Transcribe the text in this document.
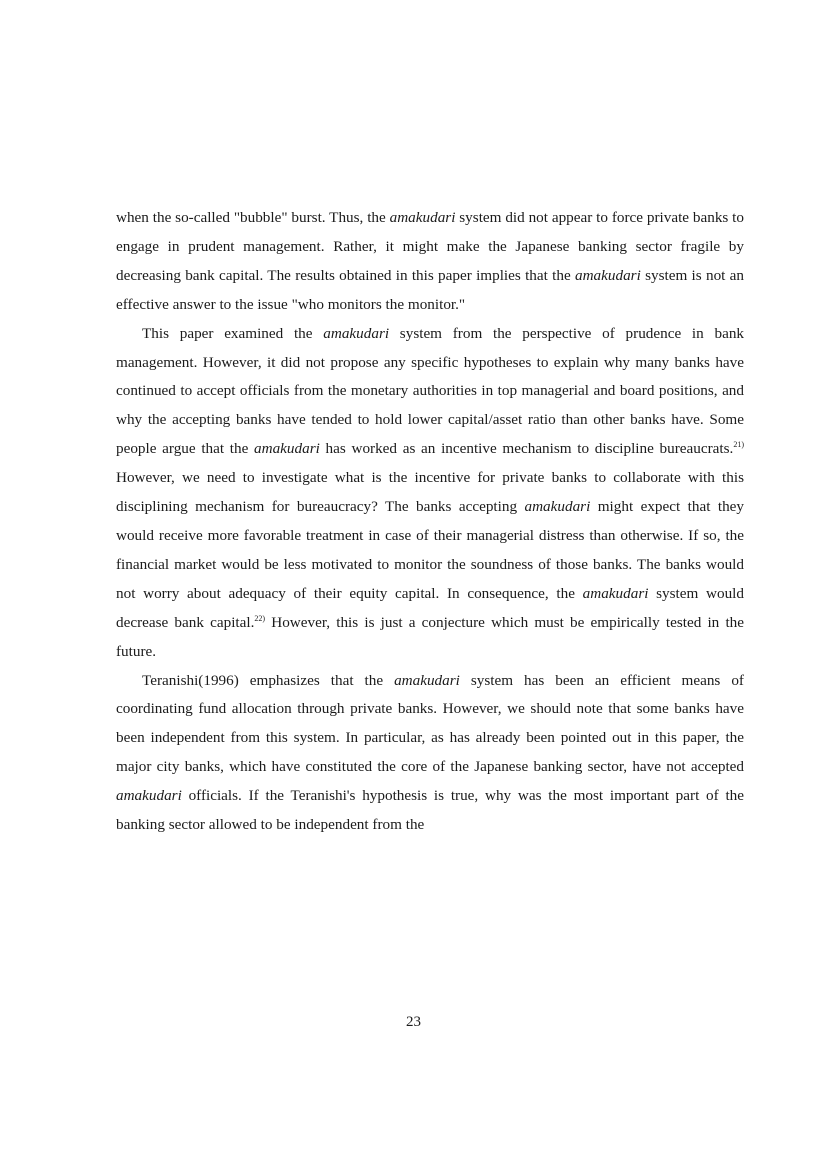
when the so-called "bubble" burst. Thus, the amakudari system did not appear to force private banks to engage in prudent management. Rather, it might make the Japanese banking sector fragile by decreasing bank capital. The results obtained in this paper implies that the amakudari system is not an effective answer to the issue "who monitors the monitor."

This paper examined the amakudari system from the perspective of prudence in bank management. However, it did not propose any specific hypotheses to explain why many banks have continued to accept officials from the monetary authorities in top managerial and board positions, and why the accepting banks have tended to hold lower capital/asset ratio than other banks have. Some people argue that the amakudari has worked as an incentive mechanism to discipline bureaucrats.$^{21)}$ However, we need to investigate what is the incentive for private banks to collaborate with this disciplining mechanism for bureaucracy? The banks accepting amakudari might expect that they would receive more favorable treatment in case of their managerial distress than otherwise. If so, the financial market would be less motivated to monitor the soundness of those banks. The banks would not worry about adequacy of their equity capital. In consequence, the amakudari system would decrease bank capital.$^{22)}$ However, this is just a conjecture which must be empirically tested in the future.

Teranishi(1996) emphasizes that the amakudari system has been an efficient means of coordinating fund allocation through private banks. However, we should note that some banks have been independent from this system. In particular, as has already been pointed out in this paper, the major city banks, which have constituted the core of the Japanese banking sector, have not accepted amakudari officials. If the Teranishi's hypothesis is true, why was the most important part of the banking sector allowed to be independent from the

23
